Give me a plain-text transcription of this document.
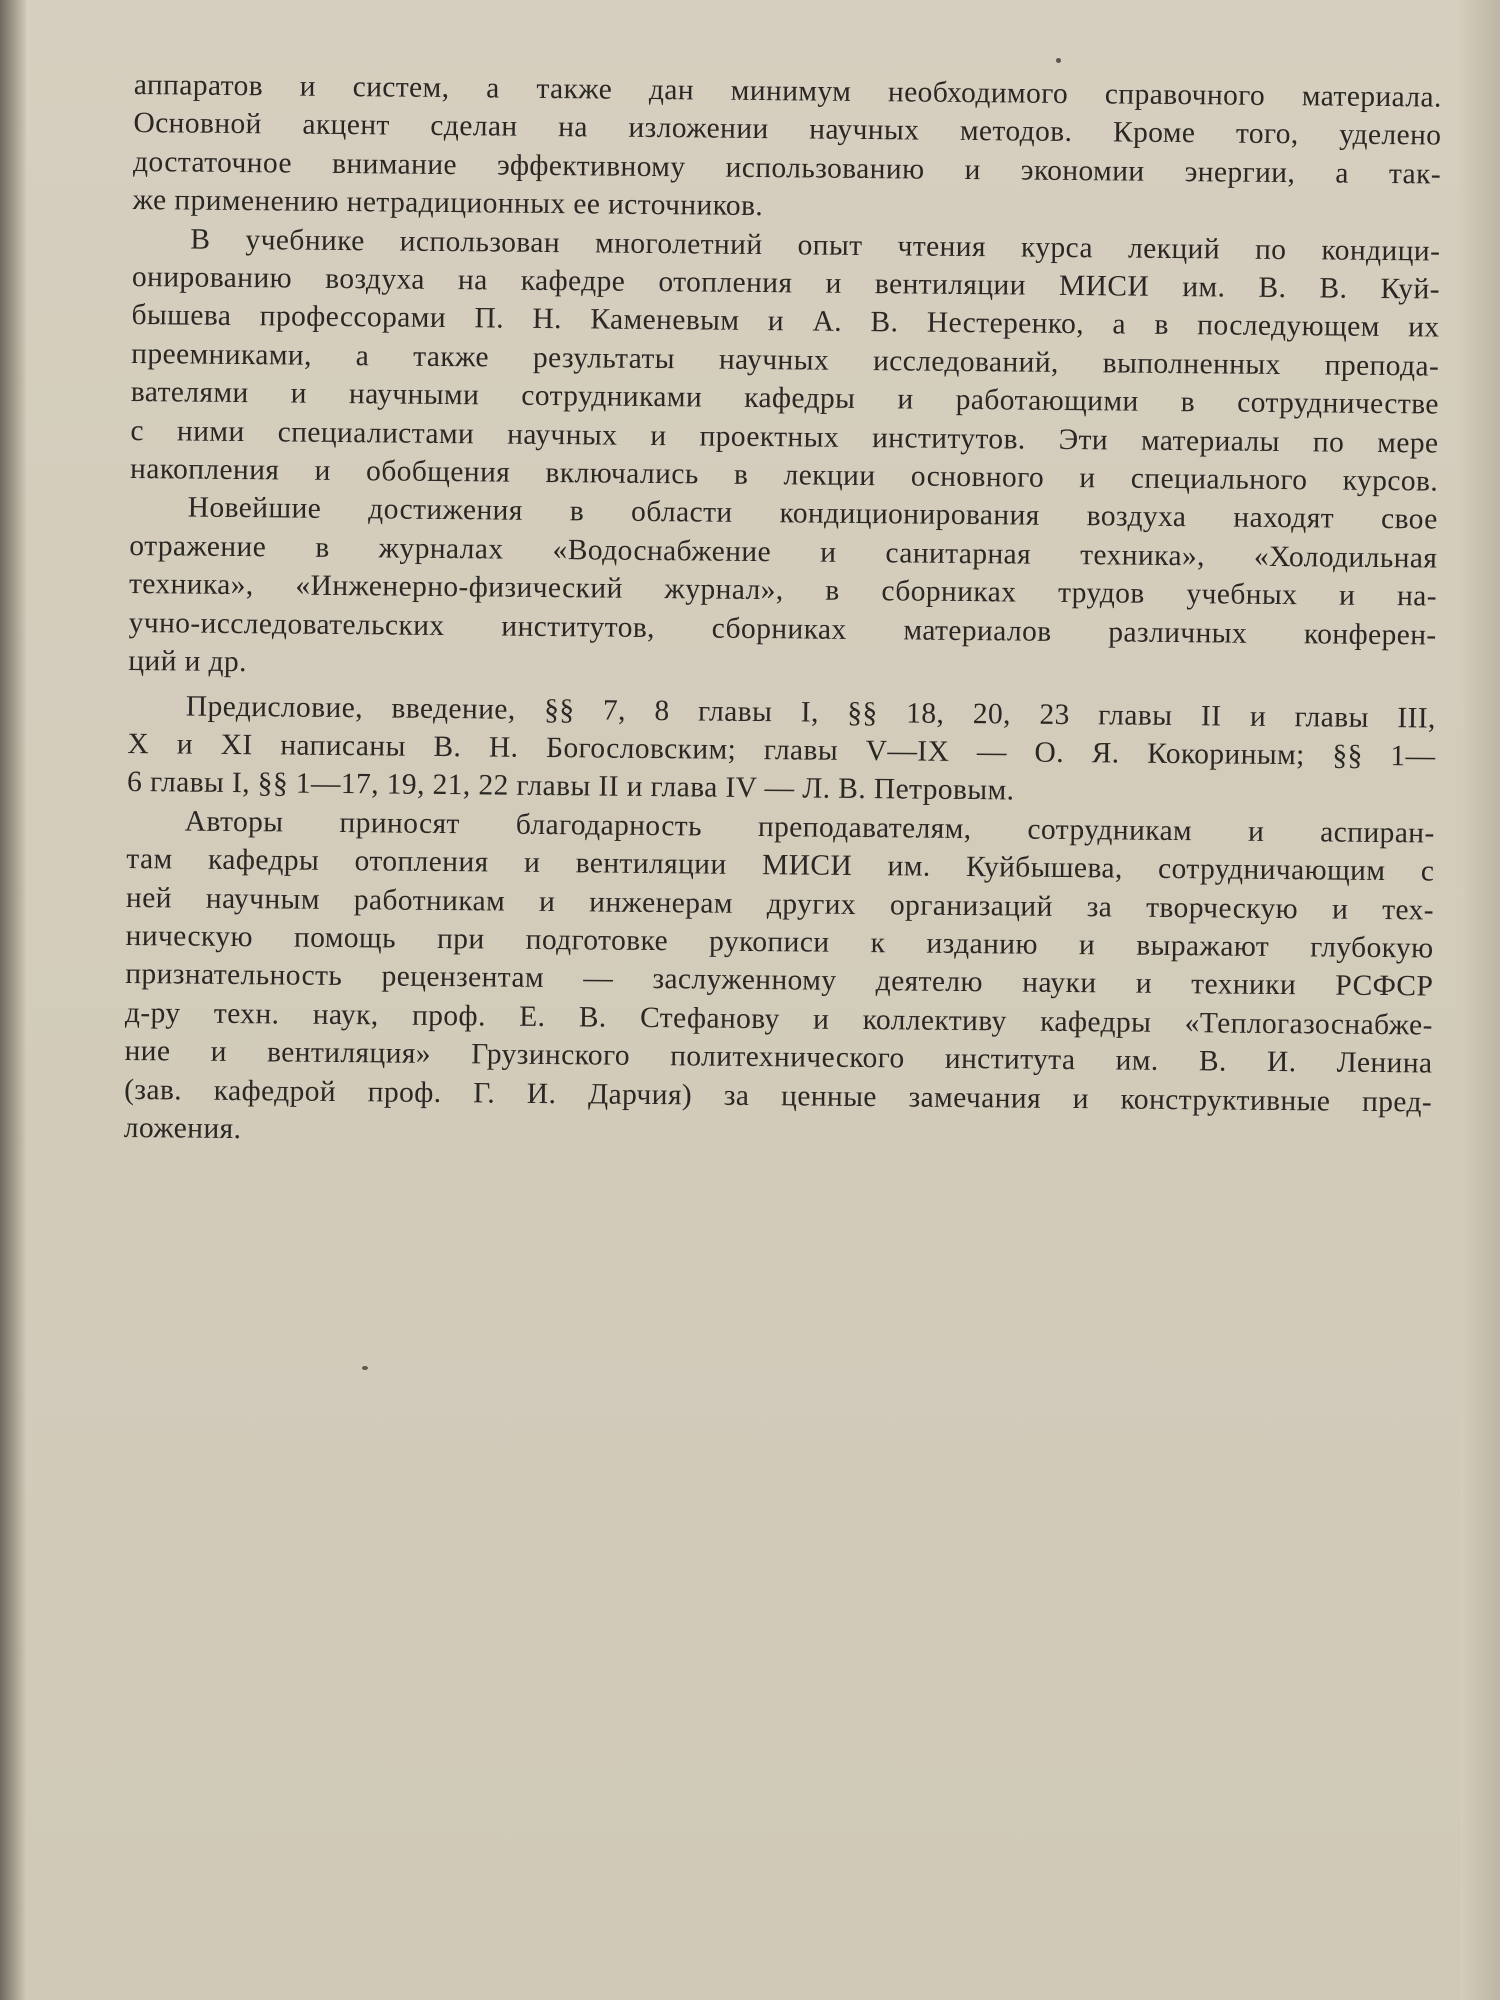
аппаратов и систем, а также дан минимум необходимого справочного материала.
Основной акцент сделан на изложении научных методов. Кроме того, уделено
достаточное внимание эффективному использованию и экономии энергии, а так-
же применению нетрадиционных ее источников.
В учебнике использован многолетний опыт чтения курса лекций по кондици-
онированию воздуха на кафедре отопления и вентиляции МИСИ им. В. В. Куй-
бышева профессорами П. Н. Каменевым и А. В. Нестеренко, а в последующем их
преемниками, а также результаты научных исследований, выполненных препода-
вателями и научными сотрудниками кафедры и работающими в сотрудничестве
с ними специалистами научных и проектных институтов. Эти материалы по мере
накопления и обобщения включались в лекции основного и специального курсов.
Новейшие достижения в области кондиционирования воздуха находят свое
отражение в журналах «Водоснабжение и санитарная техника», «Холодильная
техника», «Инженерно-физический журнал», в сборниках трудов учебных и на-
учно-исследовательских институтов, сборниках материалов различных конферен-
ций и др.
Предисловие, введение, §§ 7, 8 главы I, §§ 18, 20, 23 главы II и главы III,
X и XI написаны В. Н. Богословским; главы V—IX — О. Я. Кокориным; §§ 1—
6 главы I, §§ 1—17, 19, 21, 22 главы II и глава IV — Л. В. Петровым.
Авторы приносят благодарность преподавателям, сотрудникам и аспиран-
там кафедры отопления и вентиляции МИСИ им. Куйбышева, сотрудничающим с
ней научным работникам и инженерам других организаций за творческую и тех-
ническую помощь при подготовке рукописи к изданию и выражают глубокую
признательность рецензентам — заслуженному деятелю науки и техники РСФСР
д-ру техн. наук, проф. Е. В. Стефанову и коллективу кафедры «Теплогазоснабже-
ние и вентиляция» Грузинского политехнического института им. В. И. Ленина
(зав. кафедрой проф. Г. И. Дарчия) за ценные замечания и конструктивные пред-
ложения.
